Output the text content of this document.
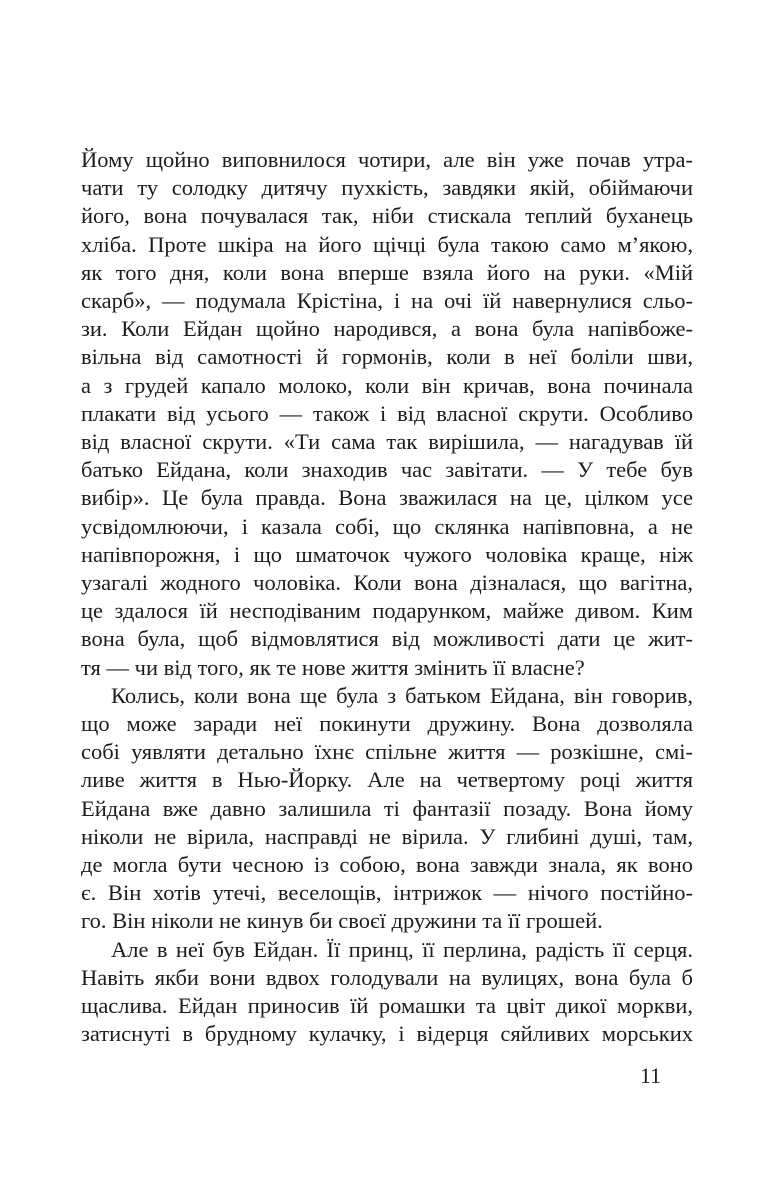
Йому щойно виповнилося чотири, але він уже почав утра-
чати ту солодку дитячу пухкість, завдяки якій, обіймаючи
його, вона почувалася так, ніби стискала теплий буханець
хліба. Проте шкіра на його щічці була такою само м’якою,
як того дня, коли вона вперше взяла його на руки. «Мій
скарб», — подумала Крістіна, і на очі їй навернулися сльо-
зи. Коли Ейдан щойно народився, а вона була напівбоже-
вільна від самотності й гормонів, коли в неї боліли шви,
а з грудей капало молоко, коли він кричав, вона починала
плакати від усього — також і від власної скрути. Особливо
від власної скрути. «Ти сама так вирішила, — нагадував їй
батько Ейдана, коли знаходив час завітати. — У тебе був
вибір». Це була правда. Вона зважилася на це, цілком усе
усвідомлюючи, і казала собі, що склянка напівповна, а не
напівпорожня, і що шматочок чужого чоловіка краще, ніж
узагалі жодного чоловіка. Коли вона дізналася, що вагітна,
це здалося їй несподіваним подарунком, майже дивом. Ким
вона була, щоб відмовлятися від можливості дати це жит-
тя — чи від того, як те нове життя змінить її власне?
Колись, коли вона ще була з батьком Ейдана, він говорив,
що може заради неї покинути дружину. Вона дозволяла
собі уявляти детально їхнє спільне життя — розкішне, смі-
ливе життя в Нью-Йорку. Але на четвертому році життя
Ейдана вже давно залишила ті фантазії позаду. Вона йому
ніколи не вірила, насправді не вірила. У глибині душі, там,
де могла бути чесною із собою, вона завжди знала, як воно
є. Він хотів утечі, веселощів, інтрижок — нічого постійно-
го. Він ніколи не кинув би своєї дружини та її грошей.
Але в неї був Ейдан. Її принц, її перлина, радість її серця.
Навіть якби вони вдвох голодували на вулицях, вона була б
щаслива. Ейдан приносив їй ромашки та цвіт дикої моркви,
затиснуті в брудному кулачку, і відерця сяйливих морських
11
